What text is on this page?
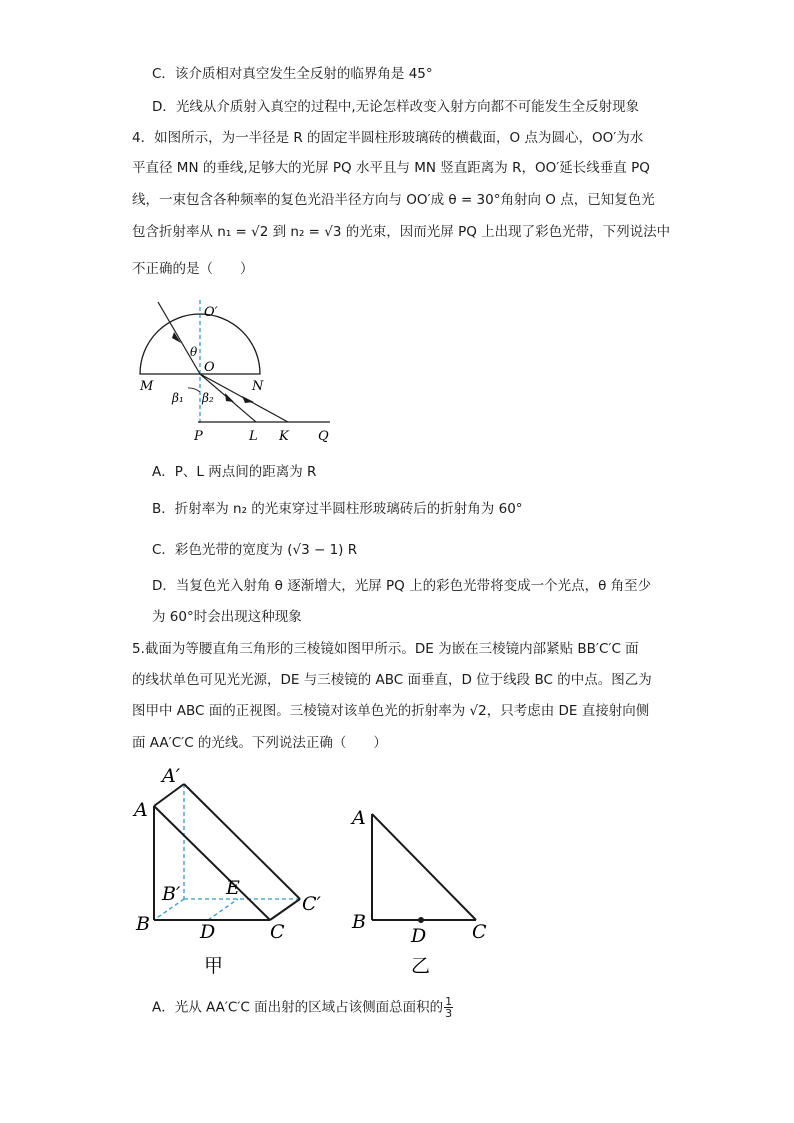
C．该介质相对真空发生全反射的临界角是 45°
D．光线从介质射入真空的过程中,无论怎样改变入射方向都不可能发生全反射现象
4．如图所示，为一半径是 R 的固定半圆柱形玻璃砖的横截面，O 点为圆心，OO′为水
平直径 MN 的垂线,足够大的光屏 PQ 水平且与 MN 竖直距离为 R，OO′延长线垂直 PQ
线，一束包含各种频率的复色光沿半径方向与 OO′成 θ = 30°角射向 O 点，已知复色光
包含折射率从 n₁ = √2 到 n₂ = √3 的光束，因而光屏 PQ 上出现了彩色光带，下列说法中
不正确的是（　　）
O′
θ
O
M	N
β₁ β₂
P	L K Q
A．P、L 两点间的距离为 R
B．折射率为 n₂ 的光束穿过半圆柱形玻璃砖后的折射角为 60°
C．彩色光带的宽度为 (√3 − 1) R
D．当复色光入射角 θ 逐渐增大，光屏 PQ 上的彩色光带将变成一个光点，θ 角至少
为 60°时会出现这种现象
5.截面为等腰直角三角形的三棱镜如图甲所示。DE 为嵌在三棱镜内部紧贴 BB′C′C 面
的线状单色可见光光源，DE 与三棱镜的 ABC 面垂直，D 位于线段 BC 的中点。图乙为
图甲中 ABC 面的正视图。三棱镜对该单色光的折射率为 √2，只考虑由 DE 直接射向侧
面 AA′C′C 的光线。下列说法正确（　　）
A′
A
B′ E
C′
B	D	C
甲
A
B
D C
乙
A．光从 AA′C′C 面出射的区域占该侧面总面积的 $\frac{1}{3}$
